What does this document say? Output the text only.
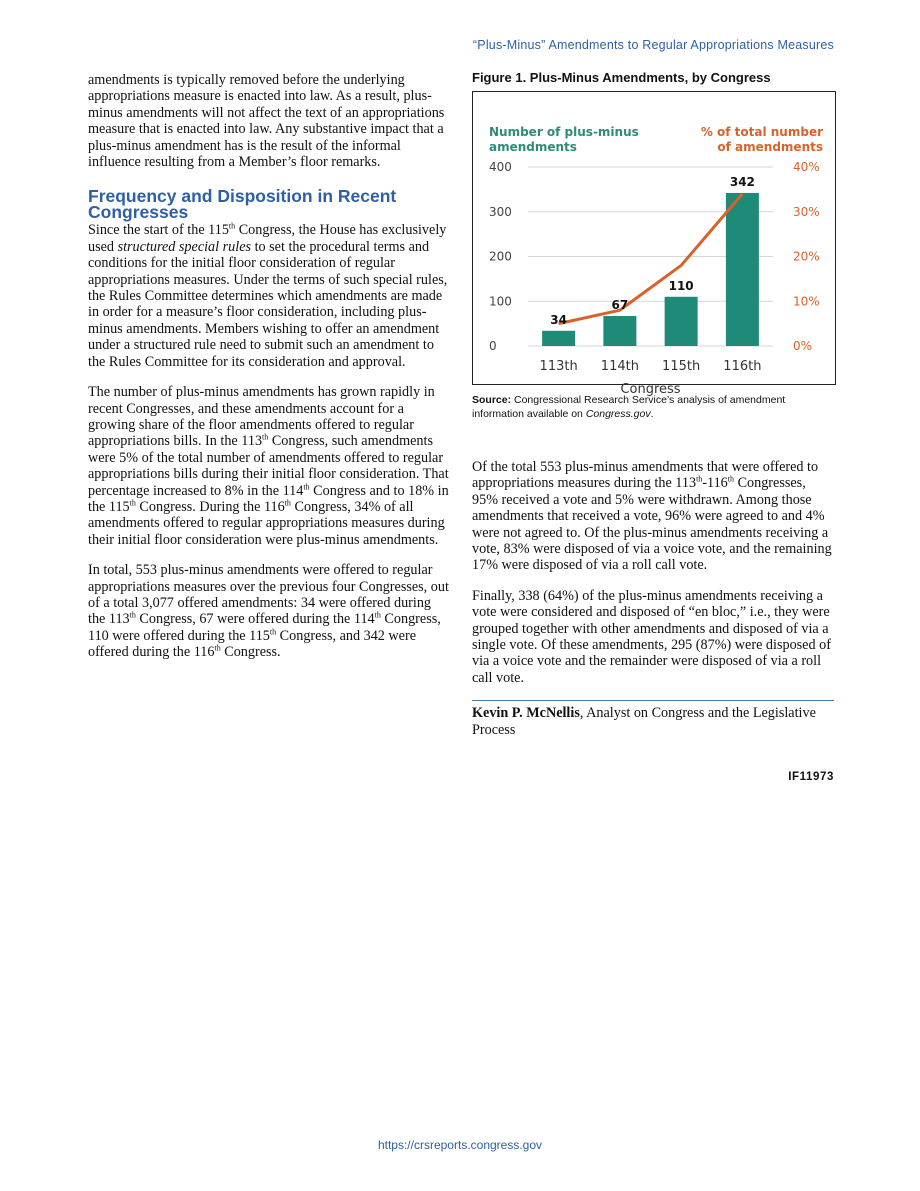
“Plus-Minus” Amendments to Regular Appropriations Measures

amendments is typically removed before the underlying appropriations measure is enacted into law. As a result, plus-minus amendments will not affect the text of an appropriations measure that is enacted into law. Any substantive impact that a plus-minus amendment has is the result of the informal influence resulting from a Member’s floor remarks.

Frequency and Disposition in Recent Congresses

Since the start of the 115th Congress, the House has exclusively used structured special rules to set the procedural terms and conditions for the initial floor consideration of regular appropriations measures. Under the terms of such special rules, the Rules Committee determines which amendments are made in order for a measure’s floor consideration, including plus-minus amendments. Members wishing to offer an amendment under a structured rule need to submit such an amendment to the Rules Committee for its consideration and approval.

The number of plus-minus amendments has grown rapidly in recent Congresses, and these amendments account for a growing share of the floor amendments offered to regular appropriations bills. In the 113th Congress, such amendments were 5% of the total number of amendments offered to regular appropriations bills during their initial floor consideration. That percentage increased to 8% in the 114th Congress and to 18% in the 115th Congress. During the 116th Congress, 34% of all amendments offered to regular appropriations measures during their initial floor consideration were plus-minus amendments.

In total, 553 plus-minus amendments were offered to regular appropriations measures over the previous four Congresses, out of a total 3,077 offered amendments: 34 were offered during the 113th Congress, 67 were offered during the 114th Congress, 110 were offered during the 115th Congress, and 342 were offered during the 116th Congress.

Figure 1. Plus-Minus Amendments, by Congress
Number of plus-minus
amendments
% of total number
of amendments
0
100
200
300
400
0%
10%
20%
30%
40%
34
67
110
342
113th 114th 115th 116th
Congress
Source: Congressional Research Service’s analysis of amendment information available on Congress.gov.

Of the total 553 plus-minus amendments that were offered to appropriations measures during the 113th-116th Congresses, 95% received a vote and 5% were withdrawn. Among those amendments that received a vote, 96% were agreed to and 4% were not agreed to. Of the plus-minus amendments receiving a vote, 83% were disposed of via a voice vote, and the remaining 17% were disposed of via a roll call vote.

Finally, 338 (64%) of the plus-minus amendments receiving a vote were considered and disposed of “en bloc,” i.e., they were grouped together with other amendments and disposed of via a single vote. Of these amendments, 295 (87%) were disposed of via a voice vote and the remainder were disposed of via a roll call vote.

Kevin P. McNellis, Analyst on Congress and the Legislative Process
IF11973
https://crsreports.congress.gov
